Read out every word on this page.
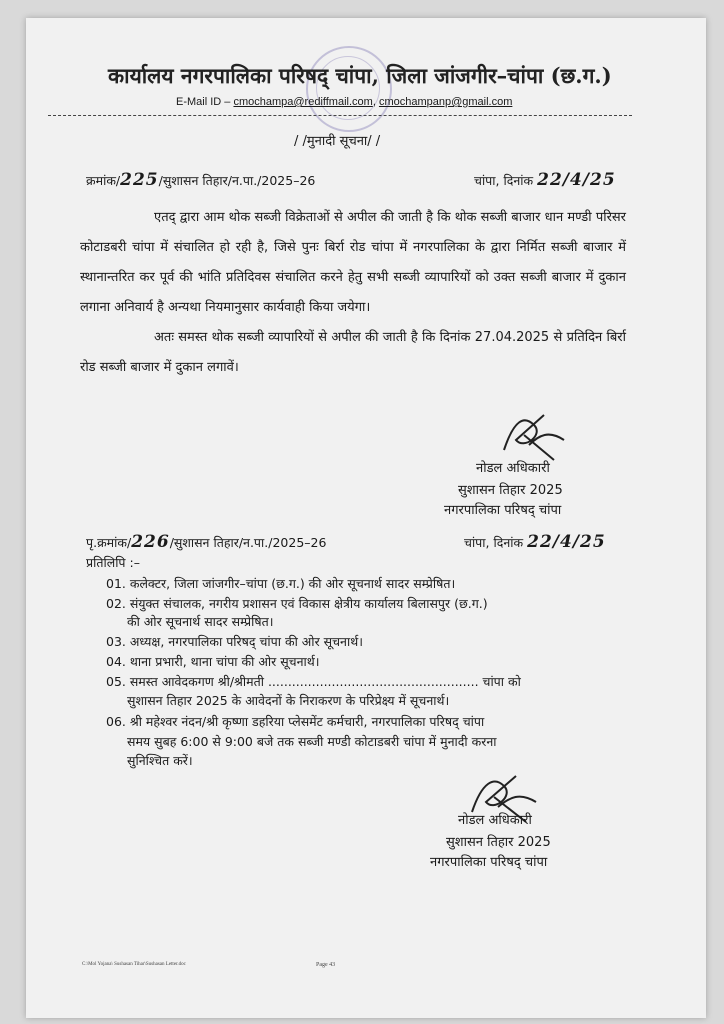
कार्यालय नगरपालिका परिषद् चांपा, जिला जांजगीर–चांपा (छ.ग.)
E-Mail ID – cmochampa@rediffmail.com, cmochampanp@gmail.com
/ /मुनादी सूचना/ /
क्रमांक/225/सुशासन तिहार/न.पा./2025–26	चांपा, दिनांक 22/4/25

एतद् द्वारा आम थोक सब्जी विक्रेताओं से अपील की जाती है कि थोक सब्जी बाजार धान मण्डी परिसर कोटाडबरी चांपा में संचालित हो रही है, जिसे पुनः बिर्रा रोड चांपा में नगरपालिका के द्वारा निर्मित सब्जी बाजार में स्थानान्तरित कर पूर्व की भांति प्रतिदिवस संचालित करने हेतु सभी सब्जी व्यापारियों को उक्त सब्जी बाजार में दुकान लगाना अनिवार्य है अन्यथा नियमानुसार कार्यवाही किया जयेगा।

अतः समस्त थोक सब्जी व्यापारियों से अपील की जाती है कि दिनांक 27.04.2025 से प्रतिदिन बिर्रा रोड सब्जी बाजार में दुकान लगावें।

नोडल अधिकारी
सुशासन तिहार 2025
नगरपालिका परिषद् चांपा
पृ.क्रमांक/226/सुशासन तिहार/न.पा./2025–26	चांपा, दिनांक 22/4/25
प्रतिलिपि :–
01. कलेक्टर, जिला जांजगीर–चांपा (छ.ग.) की ओर सूचनार्थ सादर सम्प्रेषित।
02. संयुक्त संचालक, नगरीय प्रशासन एवं विकास क्षेत्रीय कार्यालय बिलासपुर (छ.ग.)
की ओर सूचनार्थ सादर सम्प्रेषित।
03. अध्यक्ष, नगरपालिका परिषद् चांपा की ओर सूचनार्थ।
04. थाना प्रभारी, थाना चांपा की ओर सूचनार्थ।
05. समस्त आवेदकगण श्री/श्रीमती ..................................................... चांपा को
सुशासन तिहार 2025 के आवेदनों के निराकरण के परिप्रेक्ष्य में सूचनार्थ।
06. श्री महेश्वर नंदन/श्री कृष्णा डहरिया प्लेसमेंट कर्मचारी, नगरपालिका परिषद् चांपा
समय सुबह 6:00 से 9:00 बजे तक सब्जी मण्डी कोटाडबरी चांपा में मुनादी करना
सुनिश्चित करें।
नोडल अधिकारी
सुशासन तिहार 2025
नगरपालिका परिषद् चांपा
C:\Mol Yojana\ Sushasan Tihar\Sushasan Letter.doc	Page 43
